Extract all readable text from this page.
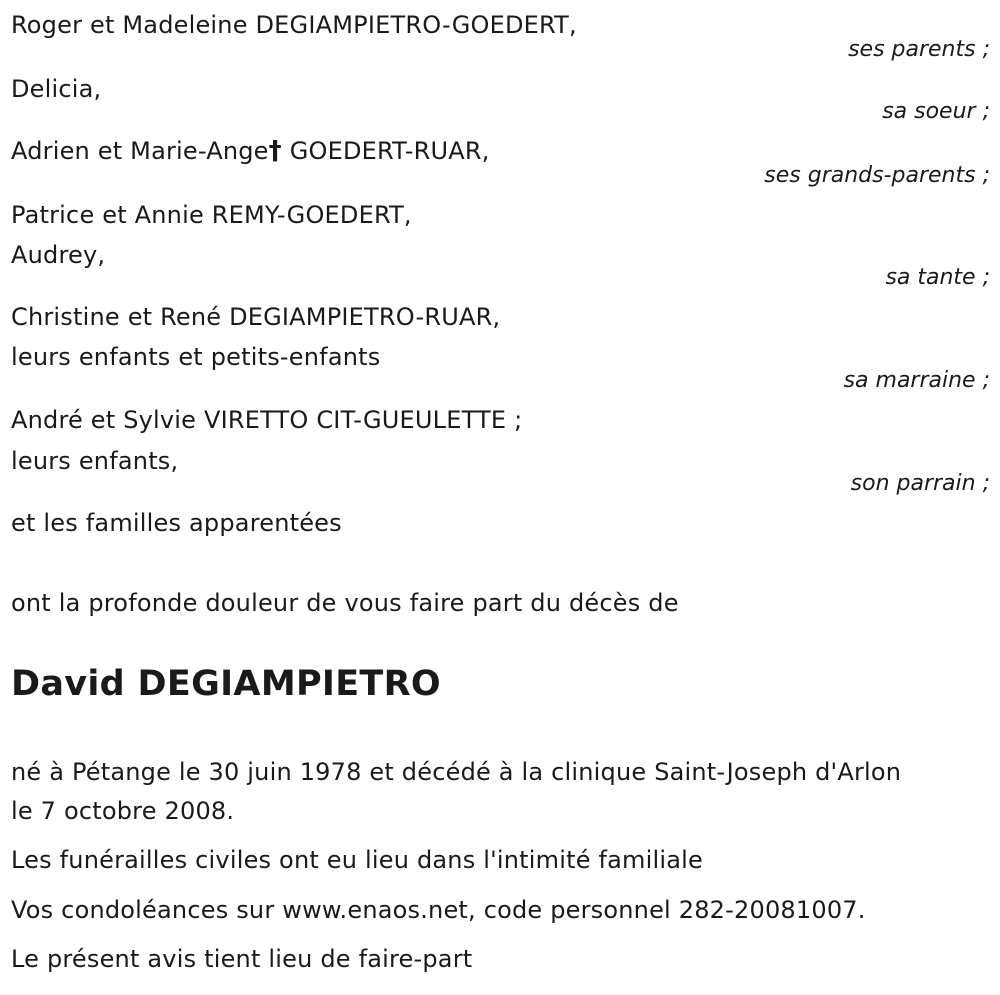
Roger et Madeleine DEGIAMPIETRO-GOEDERT,
ses parents ;
Delicia,
sa soeur ;
Adrien et Marie-Ange† GOEDERT-RUAR,
ses grands-parents ;
Patrice et Annie REMY-GOEDERT,
Audrey,
sa tante ;
Christine et René DEGIAMPIETRO-RUAR,
leurs enfants et petits-enfants
sa marraine ;
André et Sylvie VIRETTO CIT-GUEULETTE ;
leurs enfants,
son parrain ;
et les familles apparentées
ont la profonde douleur de vous faire part du décès de
David DEGIAMPIETRO
né à Pétange le 30 juin 1978 et décédé à la clinique Saint-Joseph d'Arlon
le 7 octobre 2008.
Les funérailles civiles ont eu lieu dans l'intimité familiale
Vos condoléances sur www.enaos.net, code personnel 282-20081007.
Le présent avis tient lieu de faire-part
